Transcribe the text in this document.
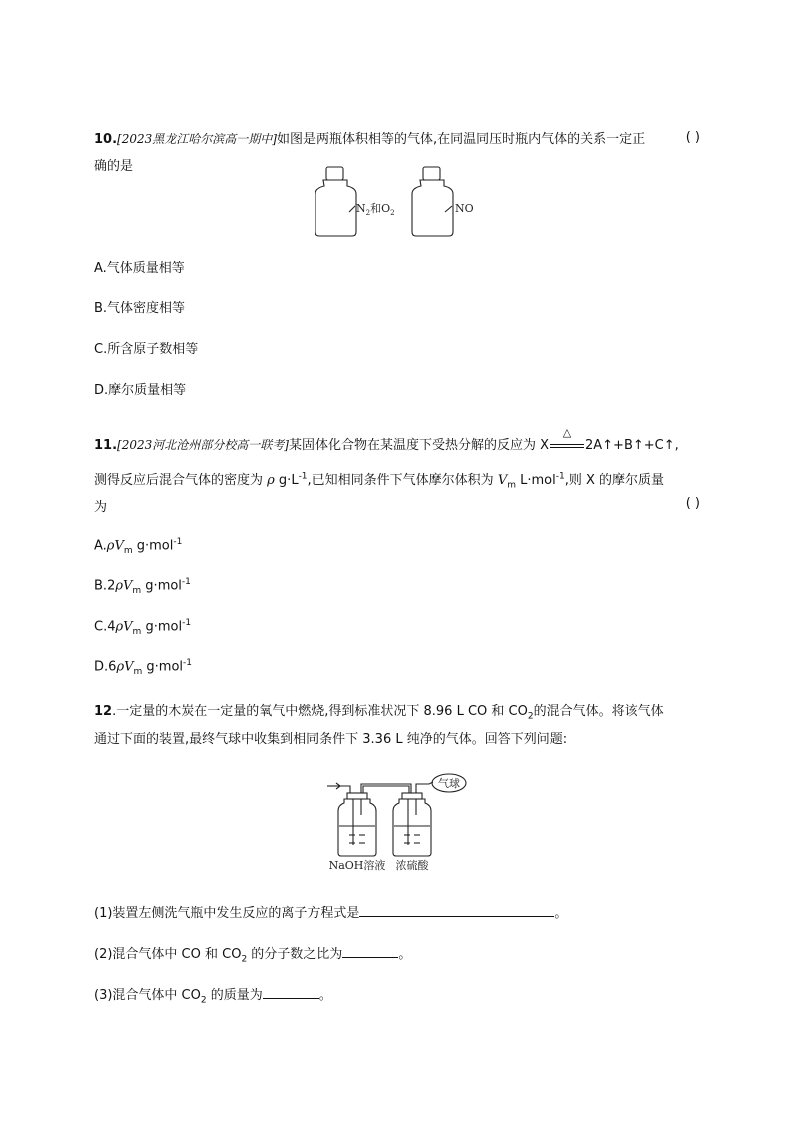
10.[2023黑龙江哈尔滨高一期中]如图是两瓶体积相等的气体,在同温同压时瓶内气体的关系一定正	( )
确的是
$N_2$和$O_2$	NO
A.气体质量相等
B.气体密度相等
C.所含原子数相等
D.摩尔质量相等
11.[2023河北沧州部分校高一联考]某固体化合物在某温度下受热分解的反应为 X
△
2A↑+B↑+C↑,
测得反应后混合气体的密度为 ρ $g\cdot L^{-1}$,已知相同条件下气体摩尔体积为 $V_m$ L·mol$^{-1}$,则 X 的摩尔质量
为	( )
$A.\rho V_m$ g·mol$^{-1}$
$B.2\rho V_m$ g·mol$^{-1}$
$C.4\rho V_m$ g·mol$^{-1}$
$D.6\rho V_m$ g·mol$^{-1}$
12.一定量的木炭在一定量的氧气中燃烧,得到标准状况下 8.96 L CO 和 $CO_2$的混合气体。将该气体
通过下面的装置,最终气球中收集到相同条件下 3.36 L 纯净的气体。回答下列问题:
气球
NaOH溶液 浓硫酸
(1)装置左侧洗气瓶中发生反应的离子方程式是	。
(2)混合气体中 CO 和 $CO_2$ 的分子数之比为	。
(3)混合气体中 $CO_2$ 的质量为	。
